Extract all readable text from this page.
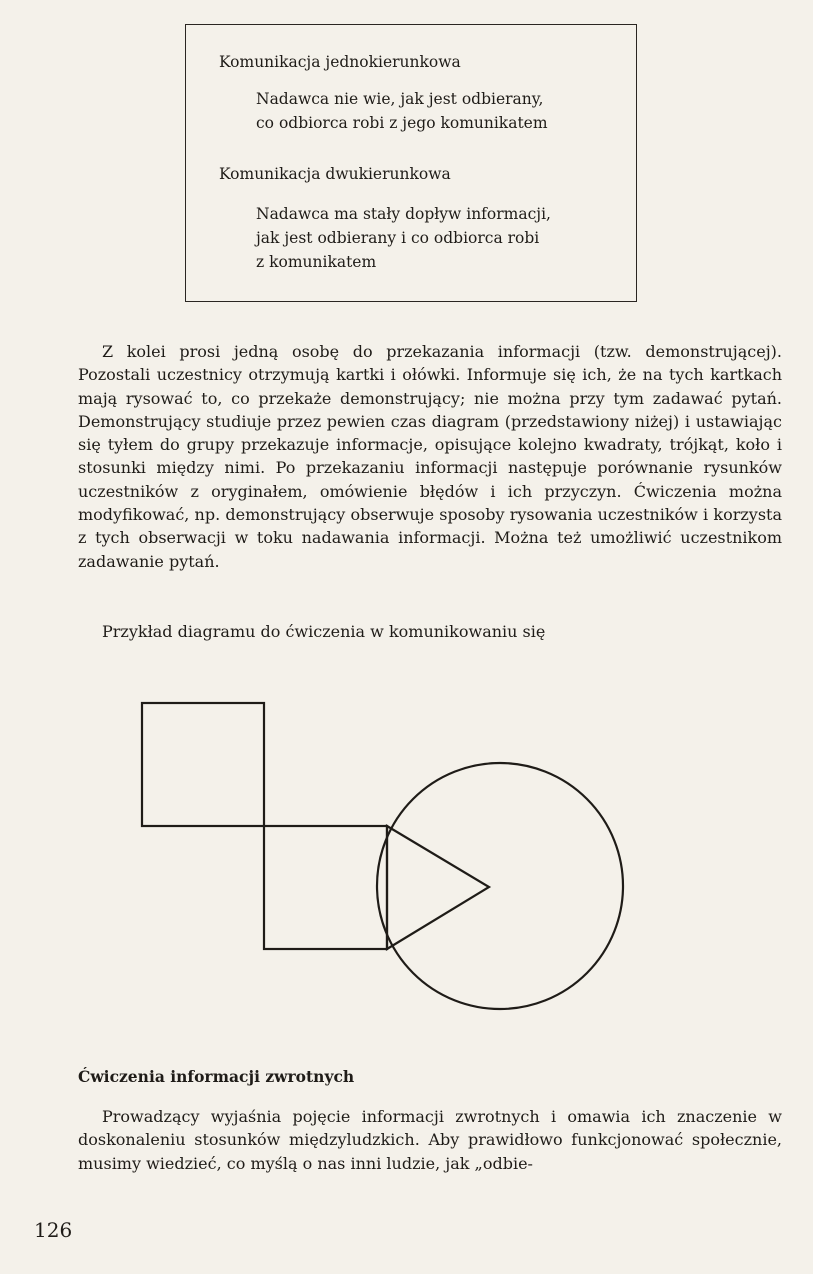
Komunikacja jednokierunkowa
Nadawca nie wie, jak jest odbierany,
co odbiorca robi z jego komunikatem
Komunikacja dwukierunkowa
Nadawca ma stały dopływ informacji,
jak jest odbierany i co odbiorca robi
z komunikatem

Z kolei prosi jedną osobę do przekazania informacji (tzw. demonstrującej). Pozostali uczestnicy otrzymują kartki i ołówki. Informuje się ich, że na tych kartkach mają rysować to, co przekaże demonstrujący; nie można przy tym zadawać pytań. Demonstrujący studiuje przez pewien czas diagram (przedstawiony niżej) i ustawiając się tyłem do grupy przekazuje informacje, opisujące kolejno kwadraty, trójkąt, koło i stosunki między nimi. Po przekazaniu informacji następuje porównanie rysunków uczestników z oryginałem, omówienie błędów i ich przyczyn. Ćwiczenia można modyfikować, np. demonstrujący obserwuje sposoby rysowania uczestników i korzysta z tych obserwacji w toku nadawania informacji. Można też umożliwić uczestnikom zadawanie pytań.

Przykład diagramu do ćwiczenia w komunikowaniu się
Ćwiczenia informacji zwrotnych

Prowadzący wyjaśnia pojęcie informacji zwrotnych i omawia ich znaczenie w doskonaleniu stosunków międzyludzkich. Aby prawidłowo funkcjonować społecznie, musimy wiedzieć, co myślą o nas inni ludzie, jak „odbie-

126
